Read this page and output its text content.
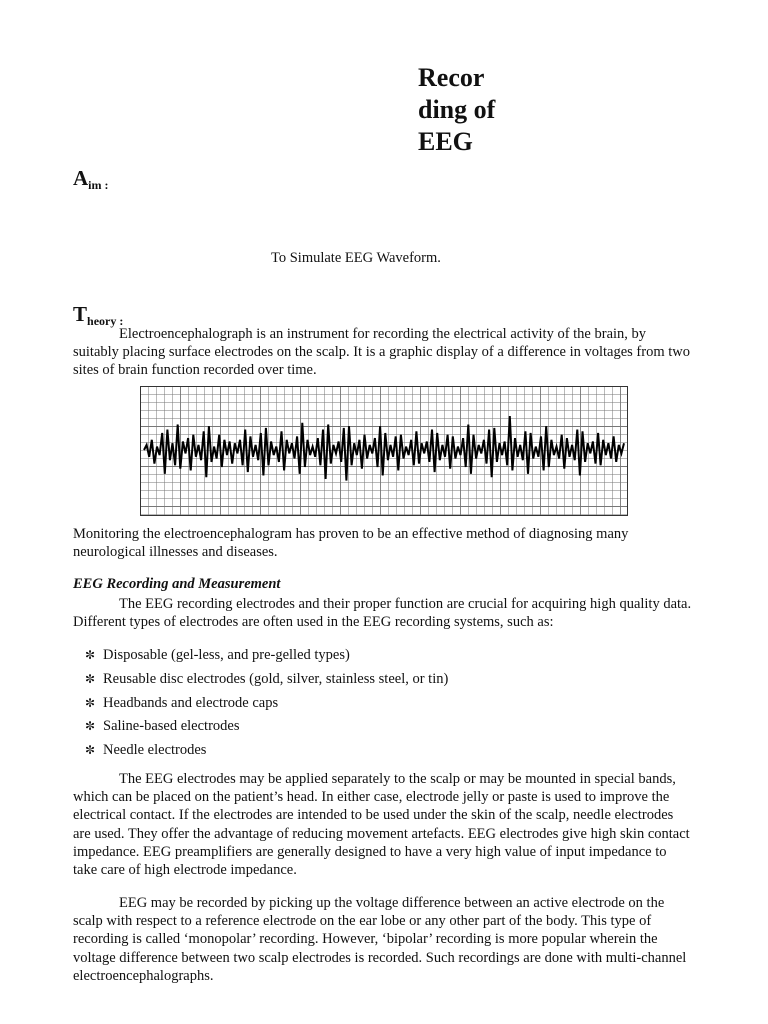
Recor
ding of
EEG
$A_{im :}$
To Simulate EEG Waveform.
$T_{heory :}$

Electroencephalograph is an instrument for recording the electrical activity of the brain, by suitably placing surface electrodes on the scalp. It is a graphic display of a difference in voltages from two sites of brain function recorded over time.

Monitoring the electroencephalogram has proven to be an effective method of diagnosing many neurological illnesses and diseases.

EEG Recording and Measurement

The EEG recording electrodes and their proper function are crucial for acquiring high quality data. Different types of electrodes are often used in the EEG recording systems, such as:

✼ Disposable (gel-less, and pre-gelled types)
✼ Reusable disc electrodes (gold, silver, stainless steel, or tin)
✼ Headbands and electrode caps
✼ Saline-based electrodes
✼ Needle electrodes

The EEG electrodes may be applied separately to the scalp or may be mounted in special bands, which can be placed on the patient’s head. In either case, electrode jelly or paste is used to improve the electrical contact. If the electrodes are intended to be used under the skin of the scalp, needle electrodes are used. They offer the advantage of reducing movement artefacts. EEG electrodes give high skin contact impedance. EEG preamplifiers are generally designed to have a very high value of input impedance to take care of high electrode impedance.

EEG may be recorded by picking up the voltage difference between an active electrode on the scalp with respect to a reference electrode on the ear lobe or any other part of the body. This type of recording is called ‘monopolar’ recording. However, ‘bipolar’ recording is more popular wherein the voltage difference between two scalp electrodes is recorded. Such recordings are done with multi-channel electroencephalographs.
